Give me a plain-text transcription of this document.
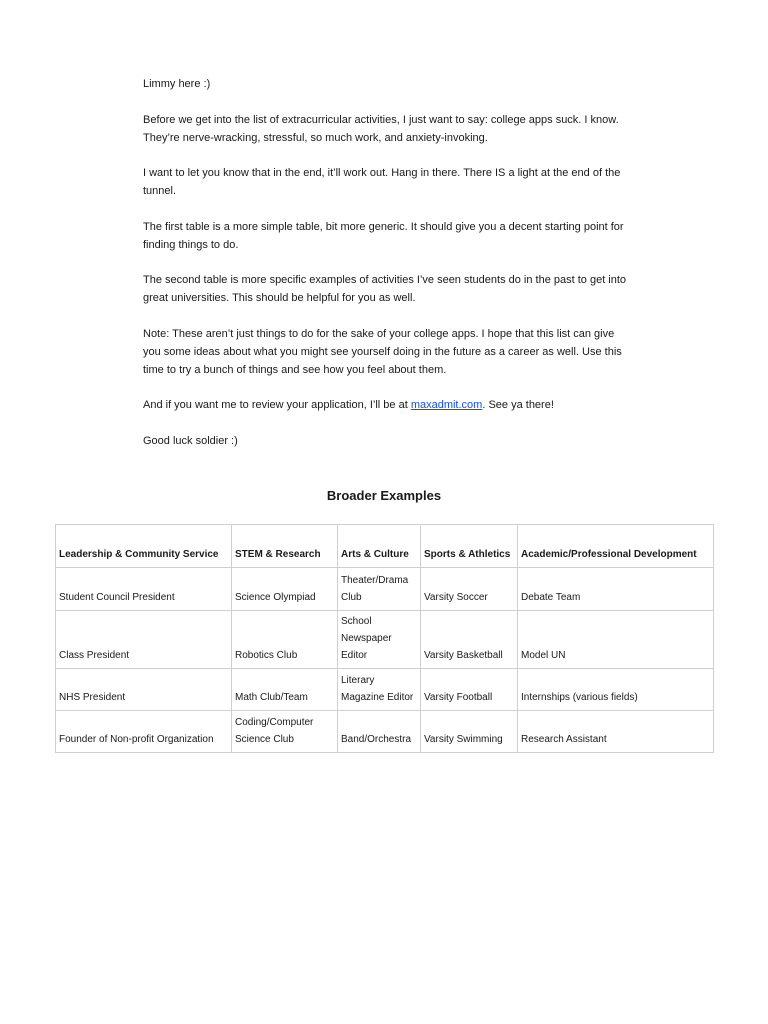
Limmy here :)

Before we get into the list of extracurricular activities, I just want to say: college apps suck. I know. They’re nerve-wracking, stressful, so much work, and anxiety-invoking.

I want to let you know that in the end, it’ll work out. Hang in there. There IS a light at the end of the tunnel.

The first table is a more simple table, bit more generic. It should give you a decent starting point for finding things to do.

The second table is more specific examples of activities I’ve seen students do in the past to get into great universities. This should be helpful for you as well.

Note: These aren’t just things to do for the sake of your college apps. I hope that this list can give you some ideas about what you might see yourself doing in the future as a career as well. Use this time to try a bunch of things and see how you feel about them.

And if you want me to review your application, I’ll be at maxadmit.com. See ya there!

Good luck soldier :)

Broader Examples
Leadership & Community Service	STEM & Research	Arts & Culture	Sports & Athletics	Academic/Professional Development
Student Council President	Science Olympiad	Theater/Drama Club	Varsity Soccer	Debate Team
Class President	Robotics Club	School Newspaper Editor	Varsity Basketball	Model UN
NHS President	Math Club/Team	Literary Magazine Editor	Varsity Football	Internships (various fields)
Founder of Non-profit Organization	Coding/Computer Science Club	Band/Orchestra	Varsity Swimming	Research Assistant
